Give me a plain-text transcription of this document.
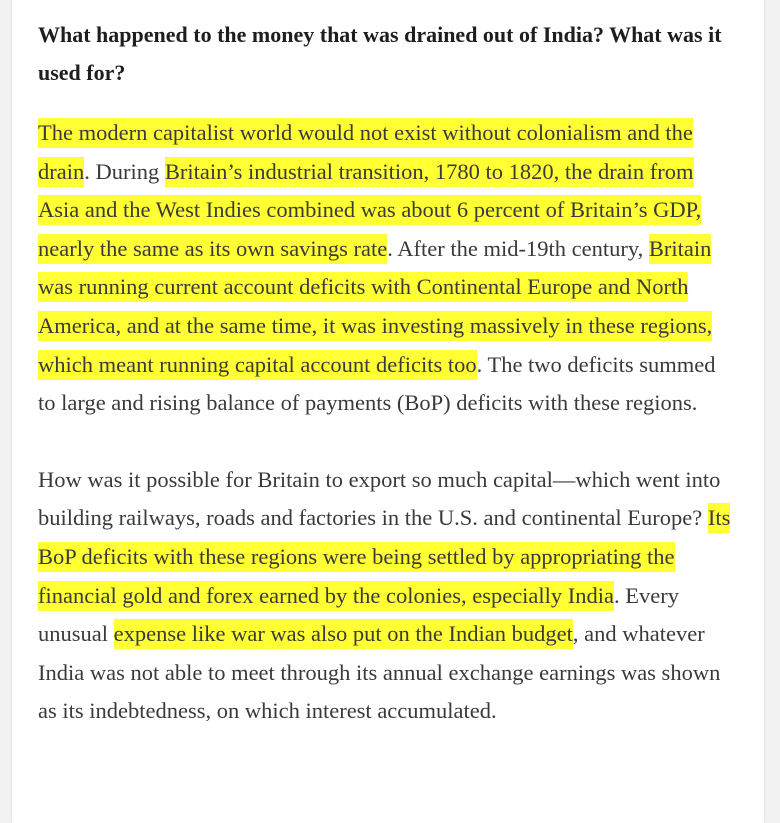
What happened to the money that was drained out of India? What was it used for?

The modern capitalist world would not exist without colonialism and the drain. During Britain’s industrial transition, 1780 to 1820, the drain from Asia and the West Indies combined was about 6 percent of Britain’s GDP, nearly the same as its own savings rate. After the mid-19th century, Britain was running current account deficits with Continental Europe and North America, and at the same time, it was investing massively in these regions, which meant running capital account deficits too. The two deficits summed to large and rising balance of payments (BoP) deficits with these regions.

How was it possible for Britain to export so much capital—which went into building railways, roads and factories in the U.S. and continental Europe? Its BoP deficits with these regions were being settled by appropriating the financial gold and forex earned by the colonies, especially India. Every unusual expense like war was also put on the Indian budget, and whatever India was not able to meet through its annual exchange earnings was shown as its indebtedness, on which interest accumulated.
